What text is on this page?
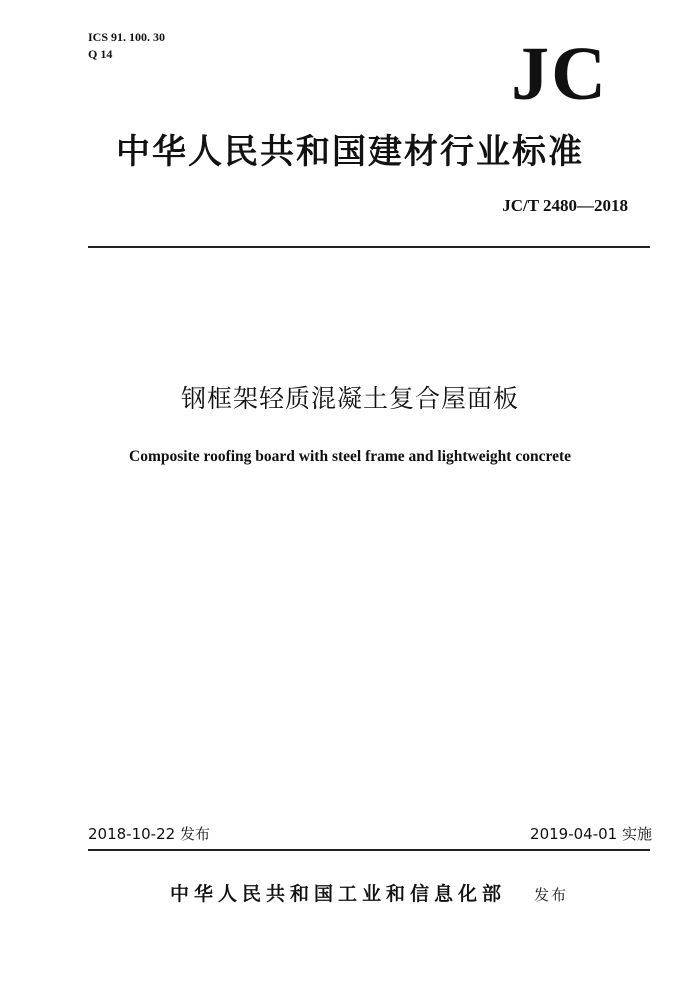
ICS 91. 100. 30
Q 14	JC
中华人民共和国建材行业标准
JC/T 2480—2018
钢框架轻质混凝土复合屋面板
Composite roofing board with steel frame and lightweight concrete
2018-10-22 发布	2019-04-01 实施
中华人民共和国工业和信息化部 发布
